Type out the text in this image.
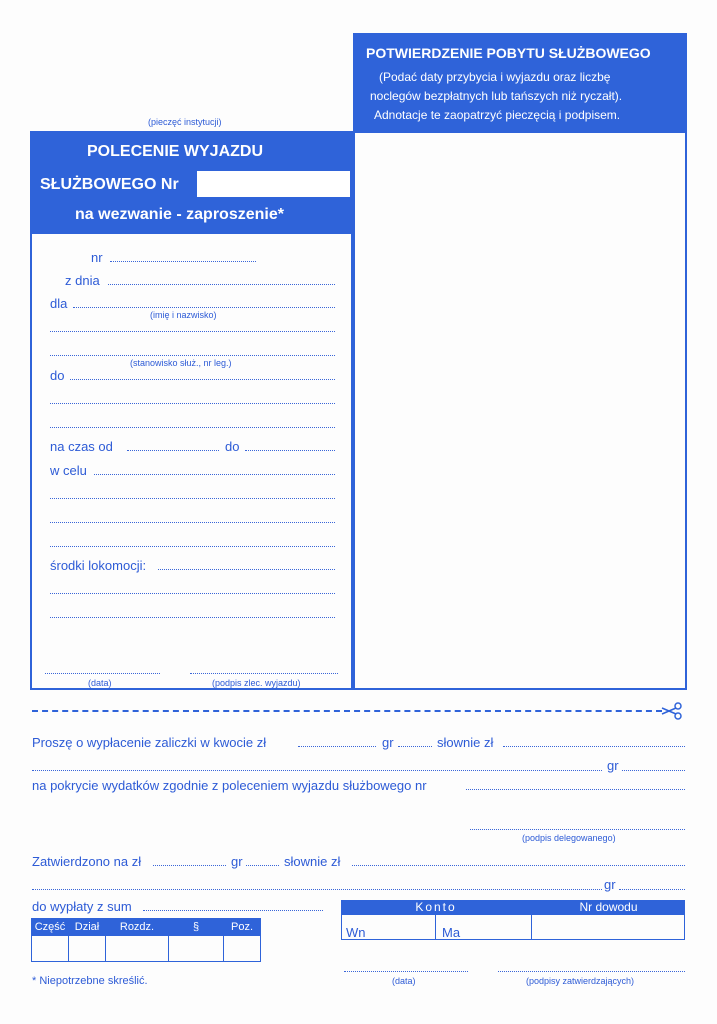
(pieczęć instytucji)
POLECENIE WYJAZDU
SŁUŻBOWEGO Nr
na wezwanie - zaproszenie*
nr
z dnia
dla
(imię i nazwisko)
(stanowisko służ., nr leg.)
do
na czas od	do
w celu
środki lokomocji:
(data)	(podpis zlec. wyjazdu)
POTWIERDZENIE POBYTU SŁUŻBOWEGO
(Podać daty przybycia i wyjazdu oraz liczbę
noclegów bezpłatnych lub tańszych niż ryczałt).
Adnotacje te zaopatrzyć pieczęcią i podpisem.
Proszę o wypłacenie zaliczki w kwocie zł	gr	słownie zł
gr
na pokrycie wydatków zgodnie z poleceniem wyjazdu służbowego nr
(podpis delegowanego)
Zatwierdzono na zł	gr	słownie zł
gr
do wypłaty z sum
Część	Dział	Rozdz.	§	Poz.

Konto	Nr dowodu
Wn	Ma
(data)	(podpisy zatwierdzających)
* Niepotrzebne skreślić.
